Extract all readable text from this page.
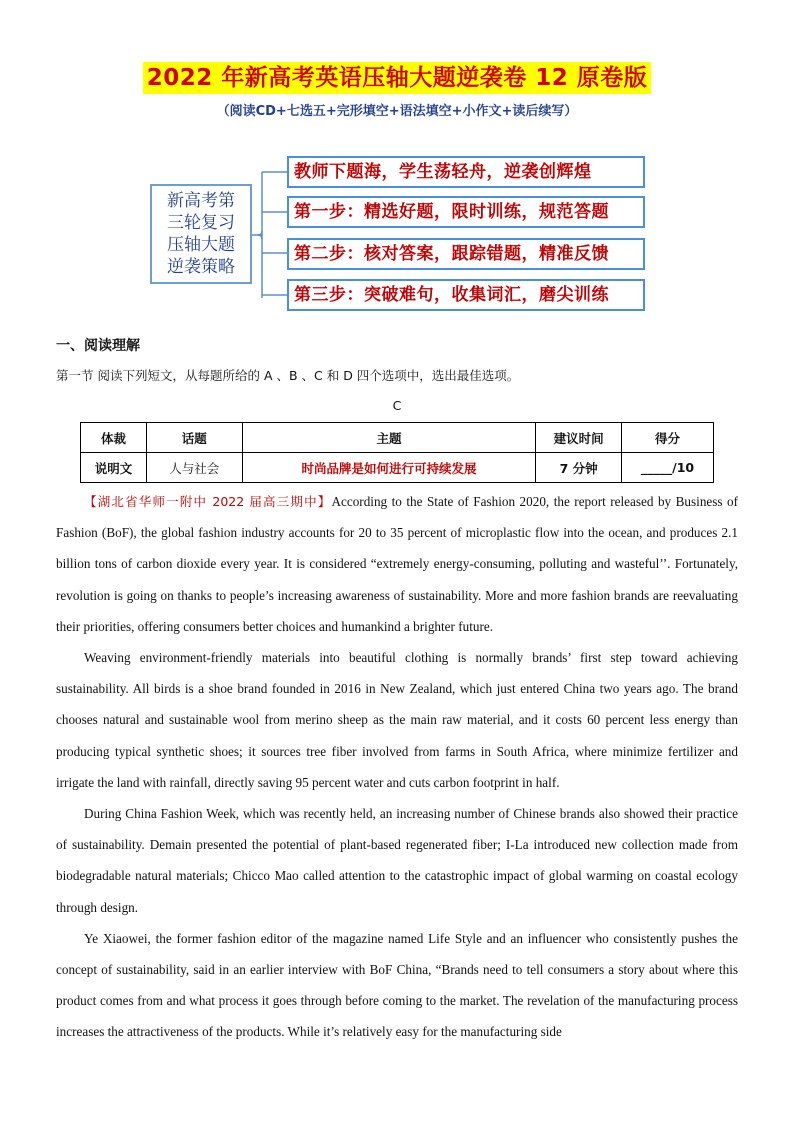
2022 年新高考英语压轴大题逆袭卷 12 原卷版
（阅读CD+七选五+完形填空+语法填空+小作文+读后续写）
新高考第
三轮复习
压轴大题
逆袭策略
教师下题海，学生荡轻舟，逆袭创辉煌
第一步：精选好题，限时训练，规范答题
第二步：核对答案，跟踪错题，精准反馈
第三步：突破难句，收集词汇，磨尖训练
一、阅读理解
第一节 阅读下列短文，从每题所给的 A 、B 、C 和 D 四个选项中，选出最佳选项。
C
体裁	话题	主题	建议时间	得分
说明文	人与社会	时尚品牌是如何进行可持续发展	7 分钟	_____/10

【湖北省华师一附中 2022 届高三期中】According to the State of Fashion 2020, the report released by Business of Fashion (BoF), the global fashion industry accounts for 20 to 35 percent of microplastic flow into the ocean, and produces 2.1 billion tons of carbon dioxide every year. It is considered “extremely energy-consuming, polluting and wasteful’’. Fortunately, revolution is going on thanks to people’s increasing awareness of sustainability. More and more fashion brands are reevaluating their priorities, offering consumers better choices and humankind a brighter future.

Weaving environment-friendly materials into beautiful clothing is normally brands’ first step toward achieving sustainability. All birds is a shoe brand founded in 2016 in New Zealand, which just entered China two years ago. The brand chooses natural and sustainable wool from merino sheep as the main raw material, and it costs 60 percent less energy than producing typical synthetic shoes; it sources tree fiber involved from farms in South Africa, where minimize fertilizer and irrigate the land with rainfall, directly saving 95 percent water and cuts carbon footprint in half.

During China Fashion Week, which was recently held, an increasing number of Chinese brands also showed their practice of sustainability. Demain presented the potential of plant-based regenerated fiber; I-La introduced new collection made from biodegradable natural materials; Chicco Mao called attention to the catastrophic impact of global warming on coastal ecology through design.

Ye Xiaowei, the former fashion editor of the magazine named Life Style and an influencer who consistently pushes the concept of sustainability, said in an earlier interview with BoF China, “Brands need to tell consumers a story about where this product comes from and what process it goes through before coming to the market. The revelation of the manufacturing process increases the attractiveness of the products. While it’s relatively easy for the manufacturing side
